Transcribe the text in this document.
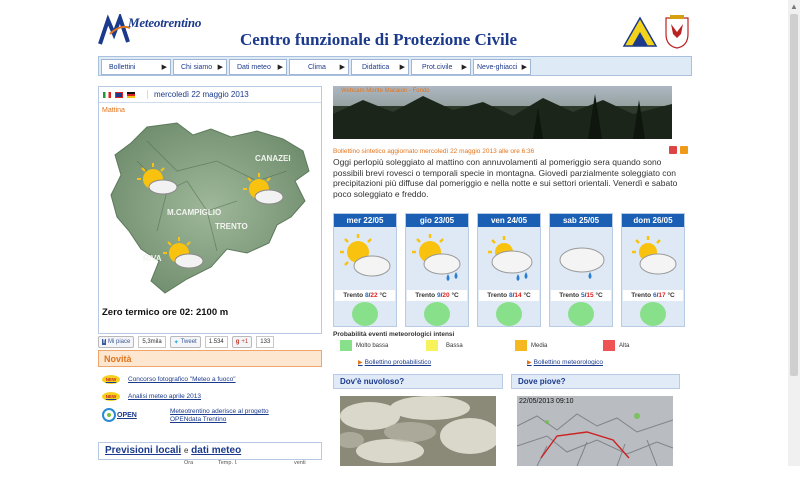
Meteotrentino
Centro funzionale di Protezione Civile
Bollettini	▶ Chi siamo ▶ Dati meteo ▶	Clima ▶ Didattica ▶ Prot.civile ▶ Neve-ghiacci ▶
mercoledì 22 maggio 2013
Mattina
CANAZEI
M.CAMPIGLIO
TRENTO
RIVA
Zero termico ore 02: 2100 m
f Mi piace	5,3mila	✦ Tweet	1.534	g +1	133
Novità
NEW	Concorso fotografico "Meteo a fuoco"
NEW	Analisi meteo aprile 2013
OPEN	Meteotrentino aderisce al progetto
OPENdata Trentino
Previsioni locali e dati meteo
Ora	Temp. I.	venti
Webcam Monte Macaion - Fondo
Bollettino sintetico aggiornato mercoledì 22 maggio 2013 alle ore 6:36
Oggi perlopiù soleggiato al mattino con annuvolamenti al pomeriggio sera quando sono possibili brevi rovesci o temporali specie in montagna. Giovedì parzialmente soleggiato con precipitazioni più diffuse dal pomeriggio e nella notte e sui settori orientali. Venerdì e sabato poco soleggiato e freddo.
mer 22/05
Trento 8/22 °C
gio 23/05
Trento 9/20 °C
ven 24/05
Trento 8/14 °C
sab 25/05
Trento 5/15 °C
dom 26/05
Trento 6/17 °C
Probabilità eventi meteorologici intensi
Molto bassa	Bassa	Media	Alta
▶ Bollettino probabilistico	▶ Bollettino meteorologico
Dov'è nuvoloso?	Dove piove?
22/05/2013 09:10
▲
